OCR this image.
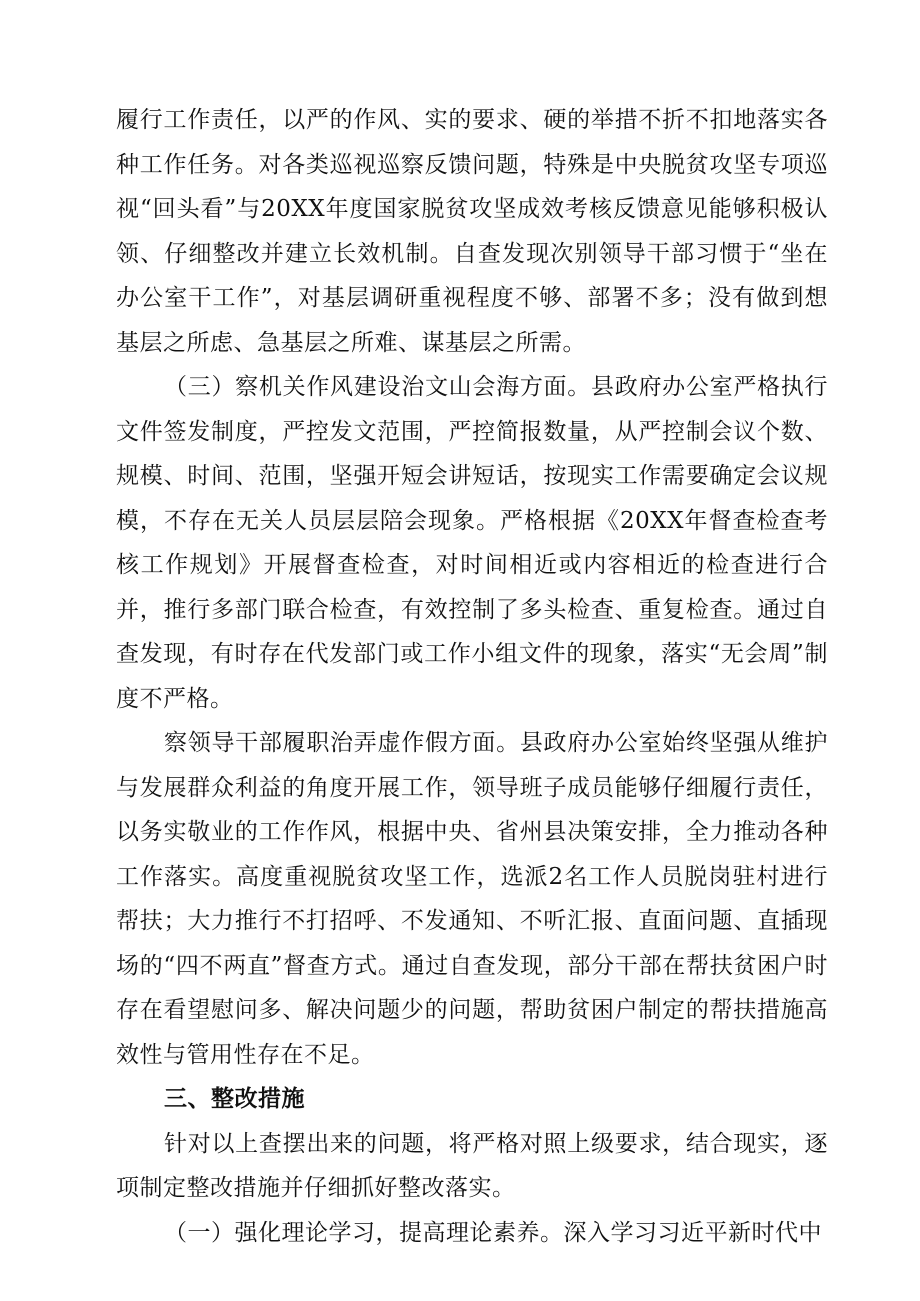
履行工作责任，以严的作风、实的要求、硬的举措不折不扣地落实各种工作任务。对各类巡视巡察反馈问题，特殊是中央脱贫攻坚专项巡视“回头看”与20XX年度国家脱贫攻坚成效考核反馈意见能够积极认领、仔细整改并建立长效机制。自查发现次别领导干部习惯于“坐在办公室干工作”，对基层调研重视程度不够、部署不多；没有做到想基层之所虑、急基层之所难、谋基层之所需。

（三）察机关作风建设治文山会海方面。县政府办公室严格执行文件签发制度，严控发文范围，严控简报数量，从严控制会议个数、规模、时间、范围，坚强开短会讲短话，按现实工作需要确定会议规模，不存在无关人员层层陪会现象。严格根据《20XX年督查检查考核工作规划》开展督查检查，对时间相近或内容相近的检查进行合并，推行多部门联合检查，有效控制了多头检查、重复检查。通过自查发现，有时存在代发部门或工作小组文件的现象，落实“无会周”制度不严格。

察领导干部履职治弄虚作假方面。县政府办公室始终坚强从维护与发展群众利益的角度开展工作，领导班子成员能够仔细履行责任，以务实敬业的工作作风，根据中央、省州县决策安排，全力推动各种工作落实。高度重视脱贫攻坚工作，选派2名工作人员脱岗驻村进行帮扶；大力推行不打招呼、不发通知、不听汇报、直面问题、直插现场的“四不两直”督查方式。通过自查发现，部分干部在帮扶贫困户时存在看望慰问多、解决问题少的问题，帮助贫困户制定的帮扶措施高效性与管用性存在不足。

三、整改措施

针对以上查摆出来的问题，将严格对照上级要求，结合现实，逐项制定整改措施并仔细抓好整改落实。

（一）强化理论学习，提高理论素养。深入学习习近平新时代中
